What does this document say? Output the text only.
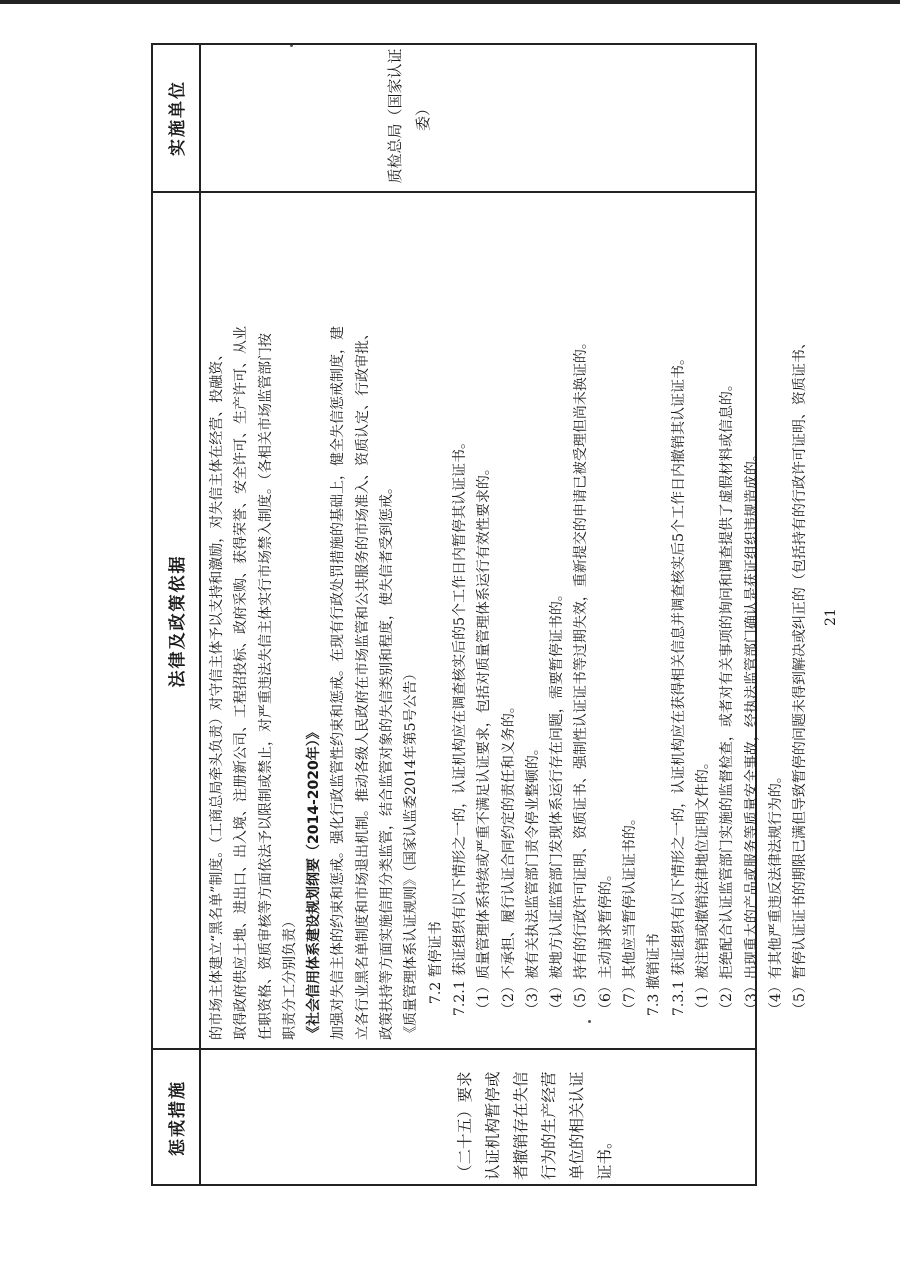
惩戒措施
法律及政策依据
实施单位
（二十五）要求认证机构暂停或者撤销存在失信行为的生产经营单位的相关认证证书。

的市场主体建立“黑名单”制度。（工商总局牵头负责）对守信主体予以支持和激励，对失信主体在经营、投融资、 取得政府供应土地、进出口、出入境、注册新公司、工程招投标、政府采购、获得荣誉、安全许可、生产许可、从业 任职资格、资质审核等方面依法予以限制或禁止，对严重违法失信主体实行市场禁入制度。（各相关市场监管部门按 职责分工分别负责） 《社会信用体系建设规划纲要（2014-2020年）》 加强对失信主体的约束和惩戒。强化行政监管性约束和惩戒。在现有行政处罚措施的基础上，健全失信惩戒制度，建 立各行业黑名单制度和市场退出机制。推动各级人民政府在市场监管和公共服务的市场准入、资质认定、行政审批、 政策扶持等方面实施信用分类监管，结合监管对象的失信类别和程度，使失信者受到惩戒。 《质量管理体系认证规则》（国家认监委2014年第5号公告） 7.2 暂停证书 7.2.1 获证组织有以下情形之一的，认证机构应在调查核实后的5个工作日内暂停其认证证书。 （1）质量管理体系持续或严重不满足认证要求，包括对质量管理体系运行有效性要求的。 （2）不承担、履行认证合同约定的责任和义务的。 （3）被有关执法监管部门责令停业整顿的。 （4）被地方认证监管部门发现体系运行存在问题，需要暂停证书的。 （5）持有的行政许可证明、资质证书、强制性认证证书等过期失效，重新提交的申请已被受理但尚未换证的。 （6）主动请求暂停的。 （7）其他应当暂停认证证书的。 7.3 撤销证书 7.3.1 获证组织有以下情形之一的，认证机构应在获得相关信息并调查核实后5个工作日内撤销其认证证书。 （1）被注销或撤销法律地位证明文件的。 （2）拒绝配合认证监管部门实施的监督检查，或者对有关事项的询问和调查提供了虚假材料或信息的。 （3）出现重大的产品或服务等质量安全事故，经执法监管部门确认是获证组织违规造成的。 （4）有其他严重违反法律法规行为的。 （5）暂停认证证书的期限已满但导致暂停的问题未得到解决或纠正的（包括持有的行政许可证明、资质证书、

质检总局（国家认证委）
21
